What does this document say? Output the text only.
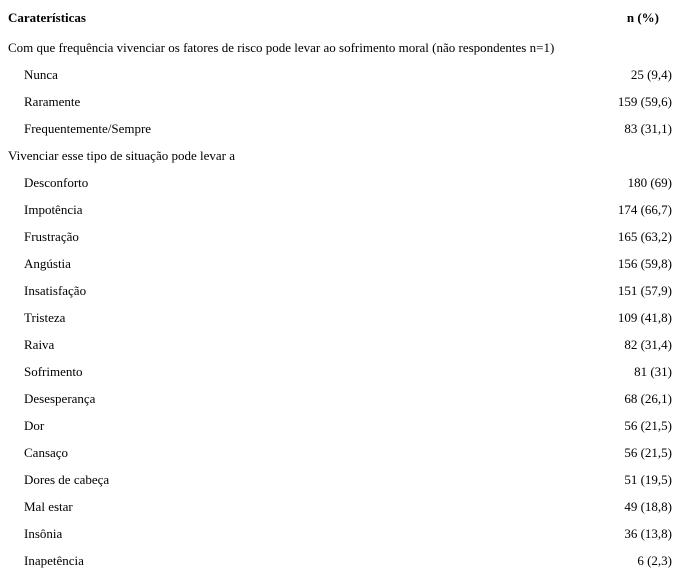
Caraterísticas	n (%)
Com que frequência vivenciar os fatores de risco pode levar ao sofrimento moral (não respondentes n=1)
Nunca	25 (9,4)
Raramente	159 (59,6)
Frequentemente/Sempre	83 (31,1)
Vivenciar esse tipo de situação pode levar a
Desconforto	180 (69)
Impotência	174 (66,7)
Frustração	165 (63,2)
Angústia	156 (59,8)
Insatisfação	151 (57,9)
Tristeza	109 (41,8)
Raiva	82 (31,4)
Sofrimento	81 (31)
Desesperança	68 (26,1)
Dor	56 (21,5)
Cansaço	56 (21,5)
Dores de cabeça	51 (19,5)
Mal estar	49 (18,8)
Insônia	36 (13,8)
Inapetência	6 (2,3)
